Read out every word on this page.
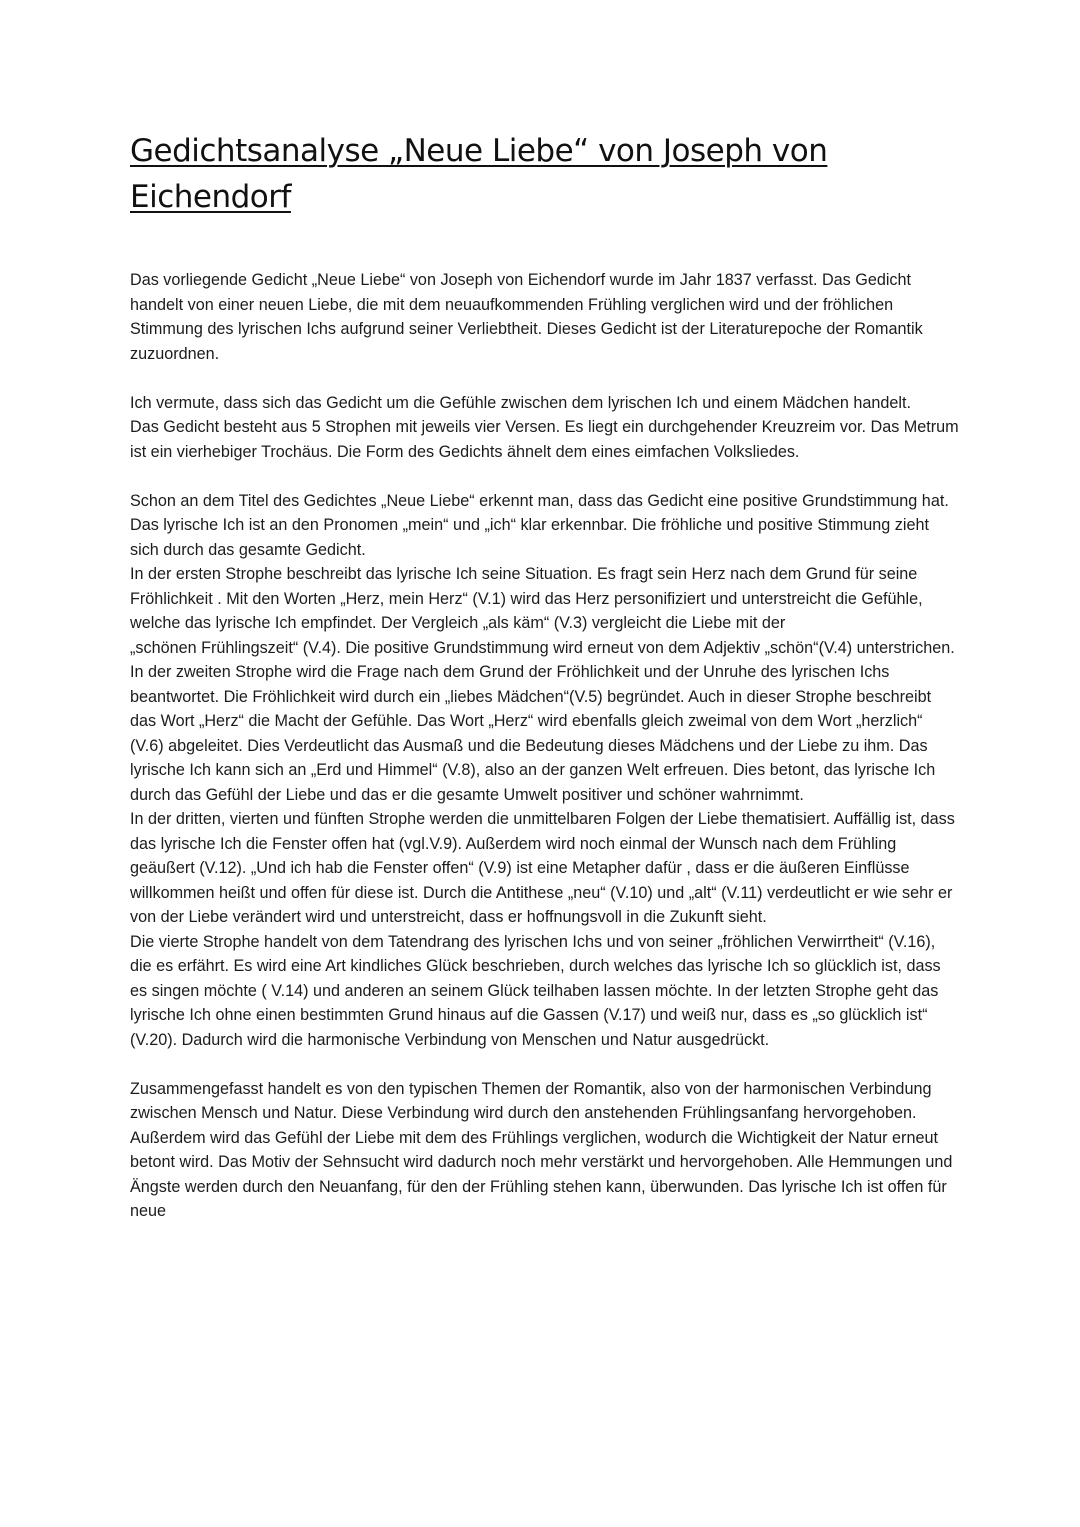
Gedichtsanalyse „Neue Liebe“ von Joseph von Eichendorf

Das vorliegende Gedicht „Neue Liebe“ von Joseph von Eichendorf wurde im Jahr 1837 verfasst. Das Gedicht handelt von einer neuen Liebe, die mit dem neuaufkommenden Frühling verglichen wird und der fröhlichen Stimmung des lyrischen Ichs aufgrund seiner Verliebtheit. Dieses Gedicht ist der Literaturepoche der Romantik zuzuordnen.

Ich vermute, dass sich das Gedicht um die Gefühle zwischen dem lyrischen Ich und einem Mädchen handelt.

Das Gedicht besteht aus 5 Strophen mit jeweils vier Versen. Es liegt ein durchgehender Kreuzreim vor. Das Metrum ist ein vierhebiger Trochäus. Die Form des Gedichts ähnelt dem eines eimfachen Volksliedes.

Schon an dem Titel des Gedichtes „Neue Liebe“ erkennt man, dass das Gedicht eine positive Grundstimmung hat. Das lyrische Ich ist an den Pronomen „mein“ und „ich“ klar erkennbar. Die fröhliche und positive Stimmung zieht sich durch das gesamte Gedicht.

In der ersten Strophe beschreibt das lyrische Ich seine Situation. Es fragt sein Herz nach dem Grund für seine Fröhlichkeit . Mit den Worten „Herz, mein Herz“ (V.1) wird das Herz personifiziert und unterstreicht die Gefühle, welche das lyrische Ich empfindet. Der Vergleich „als käm“ (V.3) vergleicht die Liebe mit der

„schönen Frühlingszeit“ (V.4). Die positive Grundstimmung wird erneut von dem Adjektiv „schön“(V.4) unterstrichen.

In der zweiten Strophe wird die Frage nach dem Grund der Fröhlichkeit und der Unruhe des lyrischen Ichs beantwortet. Die Fröhlichkeit wird durch ein „liebes Mädchen“(V.5) begründet. Auch in dieser Strophe beschreibt das Wort „Herz“ die Macht der Gefühle. Das Wort „Herz“ wird ebenfalls gleich zweimal von dem Wort „herzlich“ (V.6) abgeleitet. Dies Verdeutlicht das Ausmaß und die Bedeutung dieses Mädchens und der Liebe zu ihm. Das lyrische Ich kann sich an „Erd und Himmel“ (V.8), also an der ganzen Welt erfreuen. Dies betont, das lyrische Ich durch das Gefühl der Liebe und das er die gesamte Umwelt positiver und schöner wahrnimmt.

In der dritten, vierten und fünften Strophe werden die unmittelbaren Folgen der Liebe thematisiert. Auffällig ist, dass das lyrische Ich die Fenster offen hat (vgl.V.9). Außerdem wird noch einmal der Wunsch nach dem Frühling geäußert (V.12). „Und ich hab die Fenster offen“ (V.9) ist eine Metapher dafür , dass er die äußeren Einflüsse willkommen heißt und offen für diese ist. Durch die Antithese „neu“ (V.10) und „alt“ (V.11) verdeutlicht er wie sehr er von der Liebe verändert wird und unterstreicht, dass er hoffnungsvoll in die Zukunft sieht.

Die vierte Strophe handelt von dem Tatendrang des lyrischen Ichs und von seiner „fröhlichen Verwirrtheit“ (V.16), die es erfährt. Es wird eine Art kindliches Glück beschrieben, durch welches das lyrische Ich so glücklich ist, dass es singen möchte ( V.14) und anderen an seinem Glück teilhaben lassen möchte. In der letzten Strophe geht das lyrische Ich ohne einen bestimmten Grund hinaus auf die Gassen (V.17) und weiß nur, dass es „so glücklich ist“ (V.20). Dadurch wird die harmonische Verbindung von Menschen und Natur ausgedrückt.

Zusammengefasst handelt es von den typischen Themen der Romantik, also von der harmonischen Verbindung zwischen Mensch und Natur. Diese Verbindung wird durch den anstehenden Frühlingsanfang hervorgehoben. Außerdem wird das Gefühl der Liebe mit dem des Frühlings verglichen, wodurch die Wichtigkeit der Natur erneut betont wird. Das Motiv der Sehnsucht wird dadurch noch mehr verstärkt und hervorgehoben. Alle Hemmungen und Ängste werden durch den Neuanfang, für den der Frühling stehen kann, überwunden. Das lyrische Ich ist offen für neue
